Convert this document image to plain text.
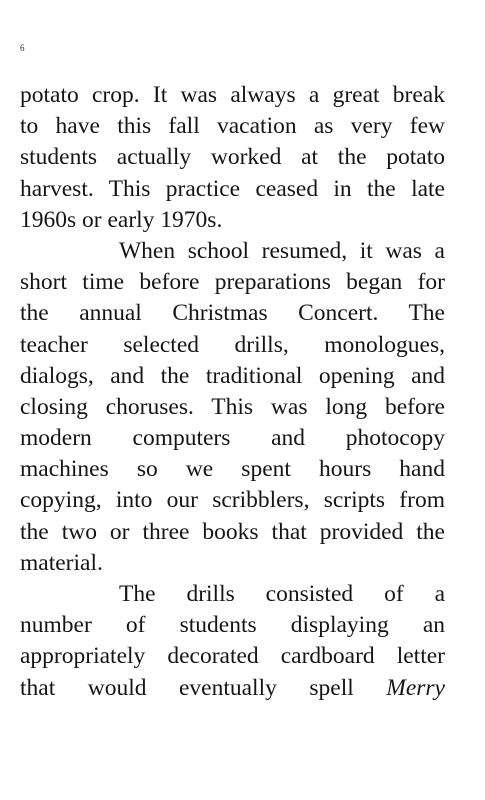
6
potato crop. It was always a great break
to have this fall vacation as very few
students actually worked at the potato
harvest. This practice ceased in the late
1960s or early 1970s.
When school resumed, it was a
short time before preparations began for
the annual Christmas Concert. The
teacher selected drills, monologues,
dialogs, and the traditional opening and
closing choruses. This was long before
modern computers and photocopy
machines so we spent hours hand
copying, into our scribblers, scripts from
the two or three books that provided the
material.
The drills consisted of a
number of students displaying an
appropriately decorated cardboard letter
that would eventually spell Merry
